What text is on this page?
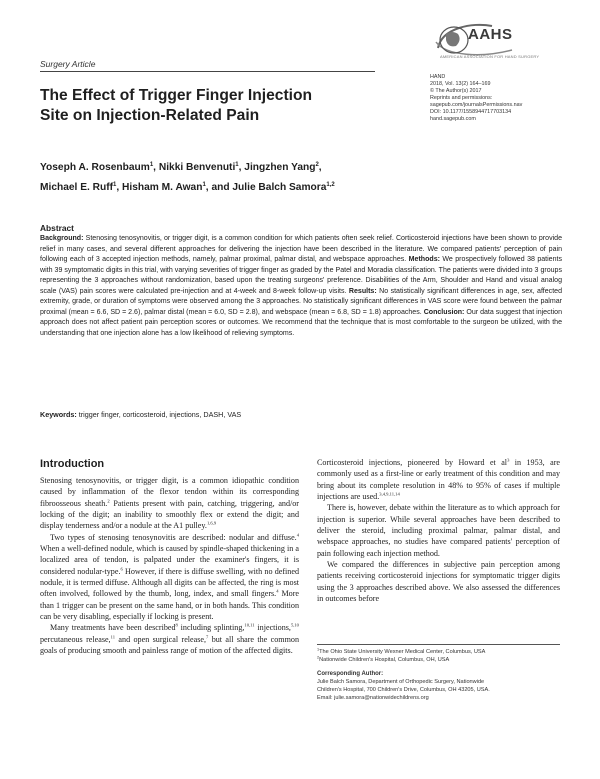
AAHS
AMERICAN ASSOCIATION FOR HAND SURGERY
Surgery Article
HAND
2018, Vol. 13(2) 164–169
© The Author(s) 2017
Reprints and permissions:
sagepub.com/journalsPermissions.nav
DOI: 10.1177/1558944717703134
hand.sagepub.com
The Effect of Trigger Finger Injection
Site on Injection-Related Pain
Yoseph A. Rosenbaum$^1$, Nikki Benvenuti$^1$, Jingzhen Yang$^2$,
Michael E. Ruff$^1$, Hisham M. Awan$^1$, and Julie Balch Samora$^{1,2}$
Abstract
Background: Stenosing tenosynovitis, or trigger digit, is a common condition for which patients often seek relief. Corticosteroid injections have been shown to provide relief in many cases, and several different approaches for delivering the injection have been described in the literature. We compared patients' perception of pain following each of 3 accepted injection methods, namely, palmar proximal, palmar distal, and webspace approaches. Methods: We prospectively followed 38 patients with 39 symptomatic digits in this trial, with varying severities of trigger finger as graded by the Patel and Moradia classification. The patients were divided into 3 groups representing the 3 approaches without randomization, based upon the treating surgeons' preference. Disabilities of the Arm, Shoulder and Hand and visual analog scale (VAS) pain scores were calculated pre-injection and at 4-week and 8-week follow-up visits. Results: No statistically significant differences in age, sex, affected extremity, grade, or duration of symptoms were observed among the 3 approaches. No statistically significant differences in VAS score were found between the palmar proximal (mean = 6.6, SD = 2.6), palmar distal (mean = 6.0, SD = 2.8), and webspace (mean = 6.8, SD = 1.8) approaches. Conclusion: Our data suggest that injection approach does not affect patient pain perception scores or outcomes. We recommend that the technique that is most comfortable to the surgeon be utilized, with the understanding that one injection alone has a low likelihood of relieving symptoms.
Keywords: trigger finger, corticosteroid, injections, DASH, VAS
Introduction

Stenosing tenosynovitis, or trigger digit, is a common idiopathic condition caused by inflammation of the flexor tendon within its corresponding fibroosseous sheath.$^2$ Patients present with pain, catching, triggering, and/or locking of the digit; an inability to smoothly flex or extend the digit; and display tenderness and/or a nodule at the A1 pulley.$^{1,6,9}$

Two types of stenosing tenosynovitis are described: nodular and diffuse.$^4$ When a well-defined nodule, which is caused by spindle-shaped thickening in a localized area of tendon, is palpated under the examiner's fingers, it is considered nodular-type.$^6$ However, if there is diffuse swelling, with no defined nodule, it is termed diffuse. Although all digits can be affected, the ring is most often involved, followed by the thumb, long, index, and small fingers.$^4$ More than 1 trigger can be present on the same hand, or in both hands. This condition can be very disabling, especially if locking is present.

Many treatments have been described$^8$ including splinting,$^{10,11}$ injections,$^{5,10}$ percutaneous release,$^{11}$ and open surgical release,$^7$ but all share the common goals of producing smooth and painless range of motion of the affected digits.

Corticosteroid injections, pioneered by Howard et $al^3$ in 1953, are commonly used as a first-line or early treatment of this condition and may bring about its complete resolution in 48% to 95% of cases if multiple injections are used.$^{3,4,9,11,14}$

There is, however, debate within the literature as to which approach for injection is superior. While several approaches have been described to deliver the steroid, including proximal palmar, palmar distal, and webspace approaches, no studies have compared patients' perception of pain following each injection method.

We compared the differences in subjective pain perception among patients receiving corticosteroid injections for symptomatic trigger digits using the 3 approaches described above. We also assessed the differences in outcomes before

$^1$The Ohio State University Wexner Medical Center, Columbus, USA
$^2$Nationwide Children's Hospital, Columbus, OH, USA
Corresponding Author:
Julie Balch Samora, Department of Orthopedic Surgery, Nationwide
Children's Hospital, 700 Children's Drive, Columbus, OH 43205, USA.
Email: julie.samora@nationwidechildrens.org
